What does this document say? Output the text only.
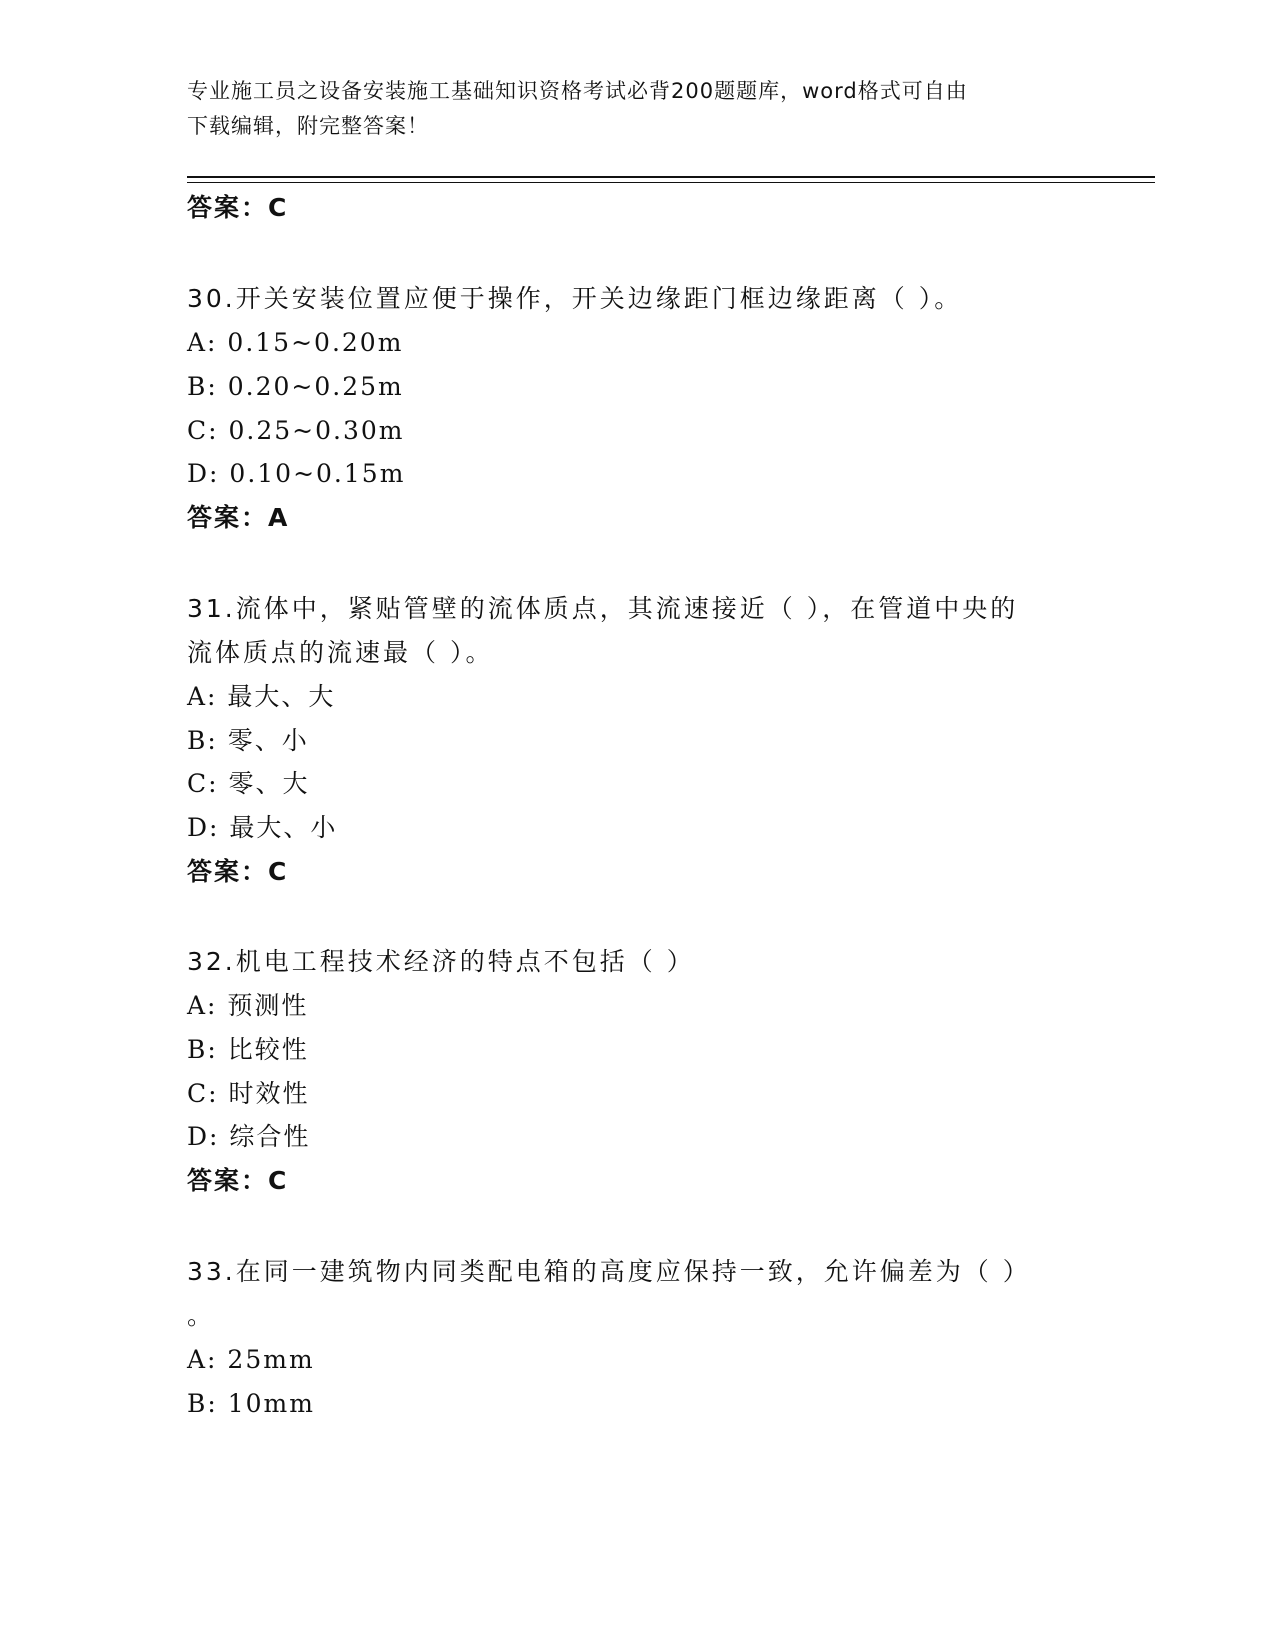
专业施工员之设备安装施工基础知识资格考试必背200题题库，word格式可自由
下载编辑，附完整答案！
答案：C
30.开关安装位置应便于操作，开关边缘距门框边缘距离（ ）。
A: 0.15~0.20m
B: 0.20~0.25m
C: 0.25~0.30m
D: 0.10~0.15m
答案：A
31.流体中，紧贴管壁的流体质点，其流速接近（ ），在管道中央的
流体质点的流速最（ ）。
A: 最大、大
B: 零、小
C: 零、大
D: 最大、小
答案：C
32.机电工程技术经济的特点不包括（ ）
A: 预测性
B: 比较性
C: 时效性
D: 综合性
答案：C
33.在同一建筑物内同类配电箱的高度应保持一致，允许偏差为（ ）
。
A: 25mm
B: 10mm
